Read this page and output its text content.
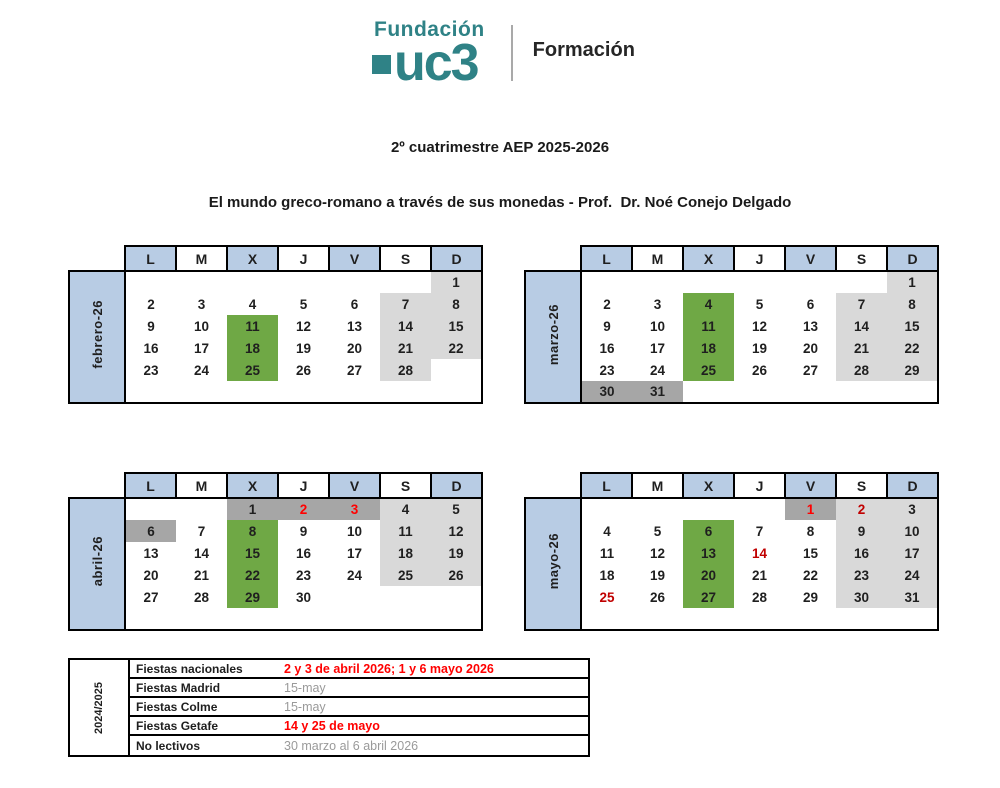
Fundación
uc3	Formación
2º cuatrimestre AEP 2025-2026
El mundo greco-romano a través de sus monedas - Prof.  Dr. Noé Conejo Delgado
	L	M	X	J	V	S	D
febrero-26							1
	2	3	4	5	6	7	8
	9	10	11	12	13	14	15
	16	17	18	19	20	21	22
	23	24	25	26	27	28	

	L	M	X	J	V	S	D
marzo-26							1
	2	3	4	5	6	7	8
	9	10	11	12	13	14	15
	16	17	18	19	20	21	22
	23	24	25	26	27	28	29
	30	31					
	L	M	X	J	V	S	D
abril-26			1	2	3	4	5
	6	7	8	9	10	11	12
	13	14	15	16	17	18	19
	20	21	22	23	24	25	26
	27	28	29	30			

	L	M	X	J	V	S	D
mayo-26					1	2	3
	4	5	6	7	8	9	10
	11	12	13	14	15	16	17
	18	19	20	21	22	23	24
	25	26	27	28	29	30	31

2024/2025
Fiestas nacionales	2 y 3 de abril 2026; 1 y 6 mayo 2026
Fiestas Madrid	15-may
Fiestas Colme	15-may
Fiestas Getafe	14 y 25 de mayo
No lectivos	30 marzo al 6 abril 2026
